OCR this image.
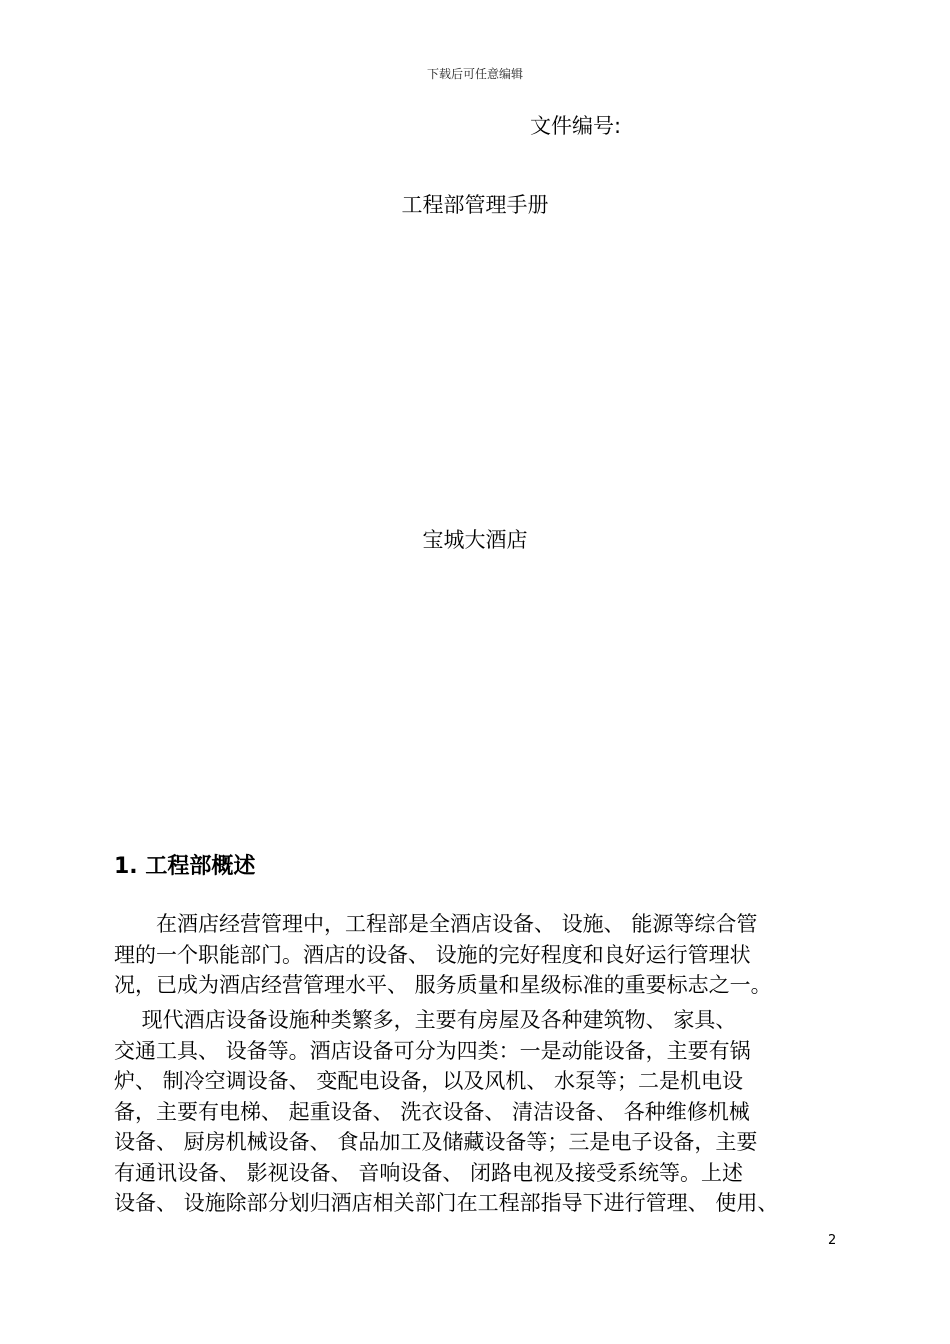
下载后可任意编辑
文件编号:
工程部管理手册
宝城大酒店
1. 工程部概述
　　在酒店经营管理中，工程部是全酒店设备、 设施、 能源等综合管
理的一个职能部门。酒店的设备、 设施的完好程度和良好运行管理状
况，已成为酒店经营管理水平、 服务质量和星级标准的重要标志之一。
　 现代酒店设备设施种类繁多，主要有房屋及各种建筑物、 家具、
交通工具、 设备等。酒店设备可分为四类：一是动能设备，主要有锅
炉、 制冷空调设备、 变配电设备，以及风机、 水泵等；二是机电设
备，主要有电梯、 起重设备、 洗衣设备、 清洁设备、 各种维修机械
设备、 厨房机械设备、 食品加工及储藏设备等；三是电子设备，主要
有通讯设备、 影视设备、 音响设备、 闭路电视及接受系统等。上述
设备、 设施除部分划归酒店相关部门在工程部指导下进行管理、 使用、
2
